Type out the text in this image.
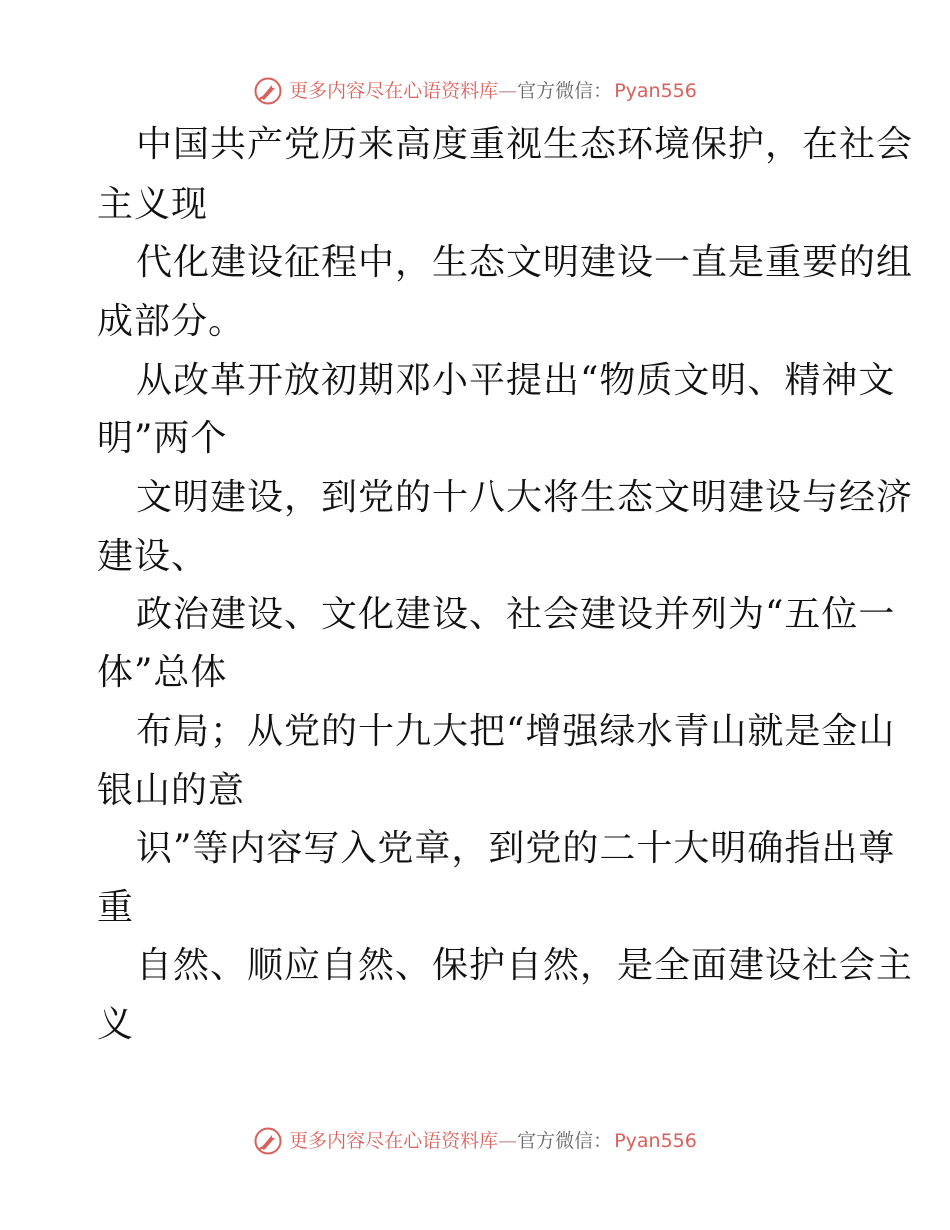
更多内容尽在心语资料库 — 官方微信： Pyan556
中国共产党历来高度重视生态环境保护，在社会
主义现
代化建设征程中，生态文明建设一直是重要的组
成部分。
从改革开放初期邓小平提出“物质文明、精神文
明”两个
文明建设，到党的十八大将生态文明建设与经济
建设、
政治建设、文化建设、社会建设并列为“五位一
体”总体
布局；从党的十九大把“增强绿水青山就是金山
银山的意
识”等内容写入党章，到党的二十大明确指出尊
重
自然、顺应自然、保护自然，是全面建设社会主
义
更多内容尽在心语资料库 — 官方微信： Pyan556
